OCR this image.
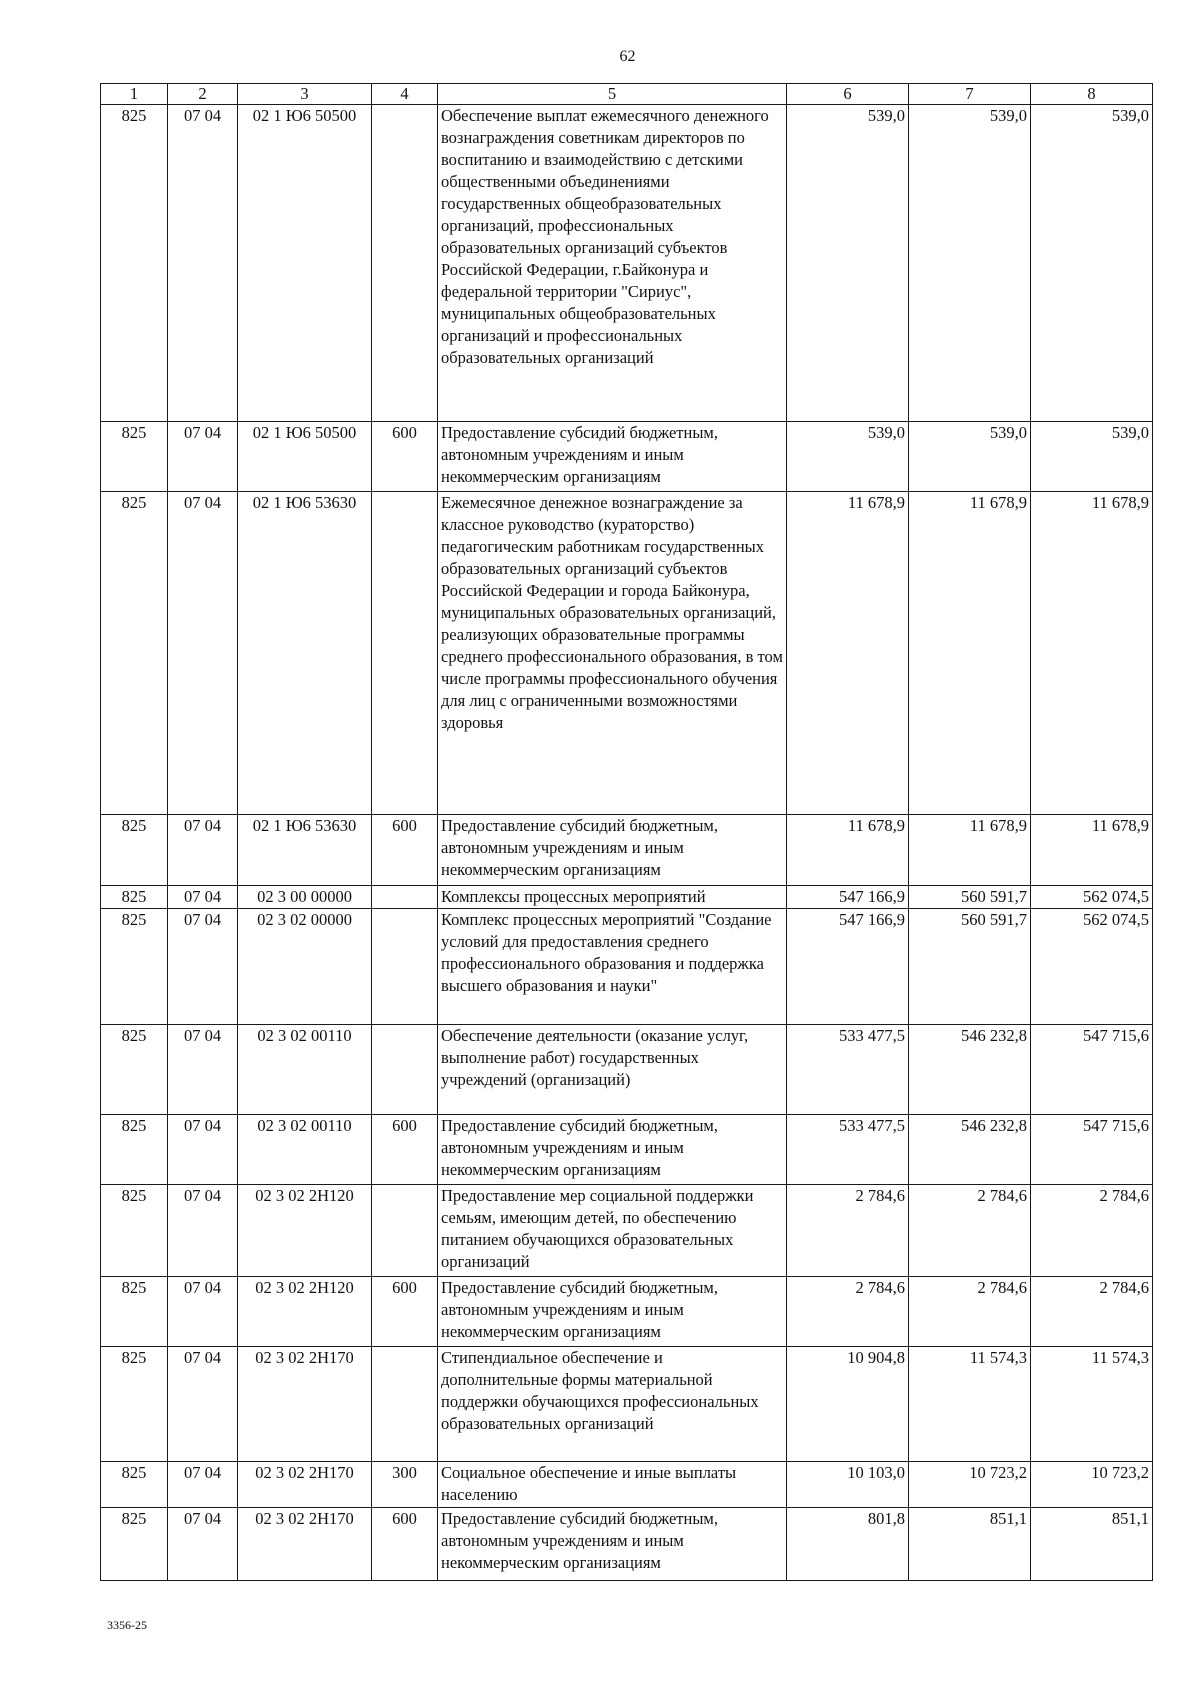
62
1	2	3	4	5	6	7	8
825	07 04	02 1 Ю6 50500		Обеспечение выплат ежемесячного денежного вознаграждения советникам директоров по воспитанию и взаимодействию с детскими общественными объединениями государственных общеобразовательных организаций, профессиональных образовательных организаций субъектов Российской Федерации, г.Байконура и федеральной территории "Сириус", муниципальных общеобразовательных организаций и профессиональных образовательных организаций	539,0	539,0	539,0
825	07 04	02 1 Ю6 50500	600	Предоставление субсидий бюджетным, автономным учреждениям и иным некоммерческим организациям	539,0	539,0	539,0
825	07 04	02 1 Ю6 53630		Ежемесячное денежное вознаграждение за классное руководство (кураторство) педагогическим работникам государственных образовательных организаций субъектов Российской Федерации и города Байконура, муниципальных образовательных организаций, реализующих образовательные программы среднего профессионального образования, в том числе программы профессионального обучения для лиц с ограниченными возможностями здоровья	11 678,9	11 678,9	11 678,9
825	07 04	02 1 Ю6 53630	600	Предоставление субсидий бюджетным, автономным учреждениям и иным некоммерческим организациям	11 678,9	11 678,9	11 678,9
825	07 04	02 3 00 00000		Комплексы процессных мероприятий	547 166,9	560 591,7	562 074,5
825	07 04	02 3 02 00000		Комплекс процессных мероприятий "Создание условий для предоставления среднего профессионального образования и поддержка высшего образования и науки"	547 166,9	560 591,7	562 074,5
825	07 04	02 3 02 00110		Обеспечение деятельности (оказание услуг, выполнение работ) государственных учреждений (организаций)	533 477,5	546 232,8	547 715,6
825	07 04	02 3 02 00110	600	Предоставление субсидий бюджетным, автономным учреждениям и иным некоммерческим организациям	533 477,5	546 232,8	547 715,6
825	07 04	02 3 02 2Н120		Предоставление мер социальной поддержки семьям, имеющим детей, по обеспечению питанием обучающихся образовательных организаций	2 784,6	2 784,6	2 784,6
825	07 04	02 3 02 2Н120	600	Предоставление субсидий бюджетным, автономным учреждениям и иным некоммерческим организациям	2 784,6	2 784,6	2 784,6
825	07 04	02 3 02 2Н170		Стипендиальное обеспечение и дополнительные формы материальной поддержки обучающихся профессиональных образовательных организаций	10 904,8	11 574,3	11 574,3
825	07 04	02 3 02 2Н170	300	Социальное обеспечение и иные выплаты населению	10 103,0	10 723,2	10 723,2
825	07 04	02 3 02 2Н170	600	Предоставление субсидий бюджетным, автономным учреждениям и иным некоммерческим организациям	801,8	851,1	851,1
3356-25
